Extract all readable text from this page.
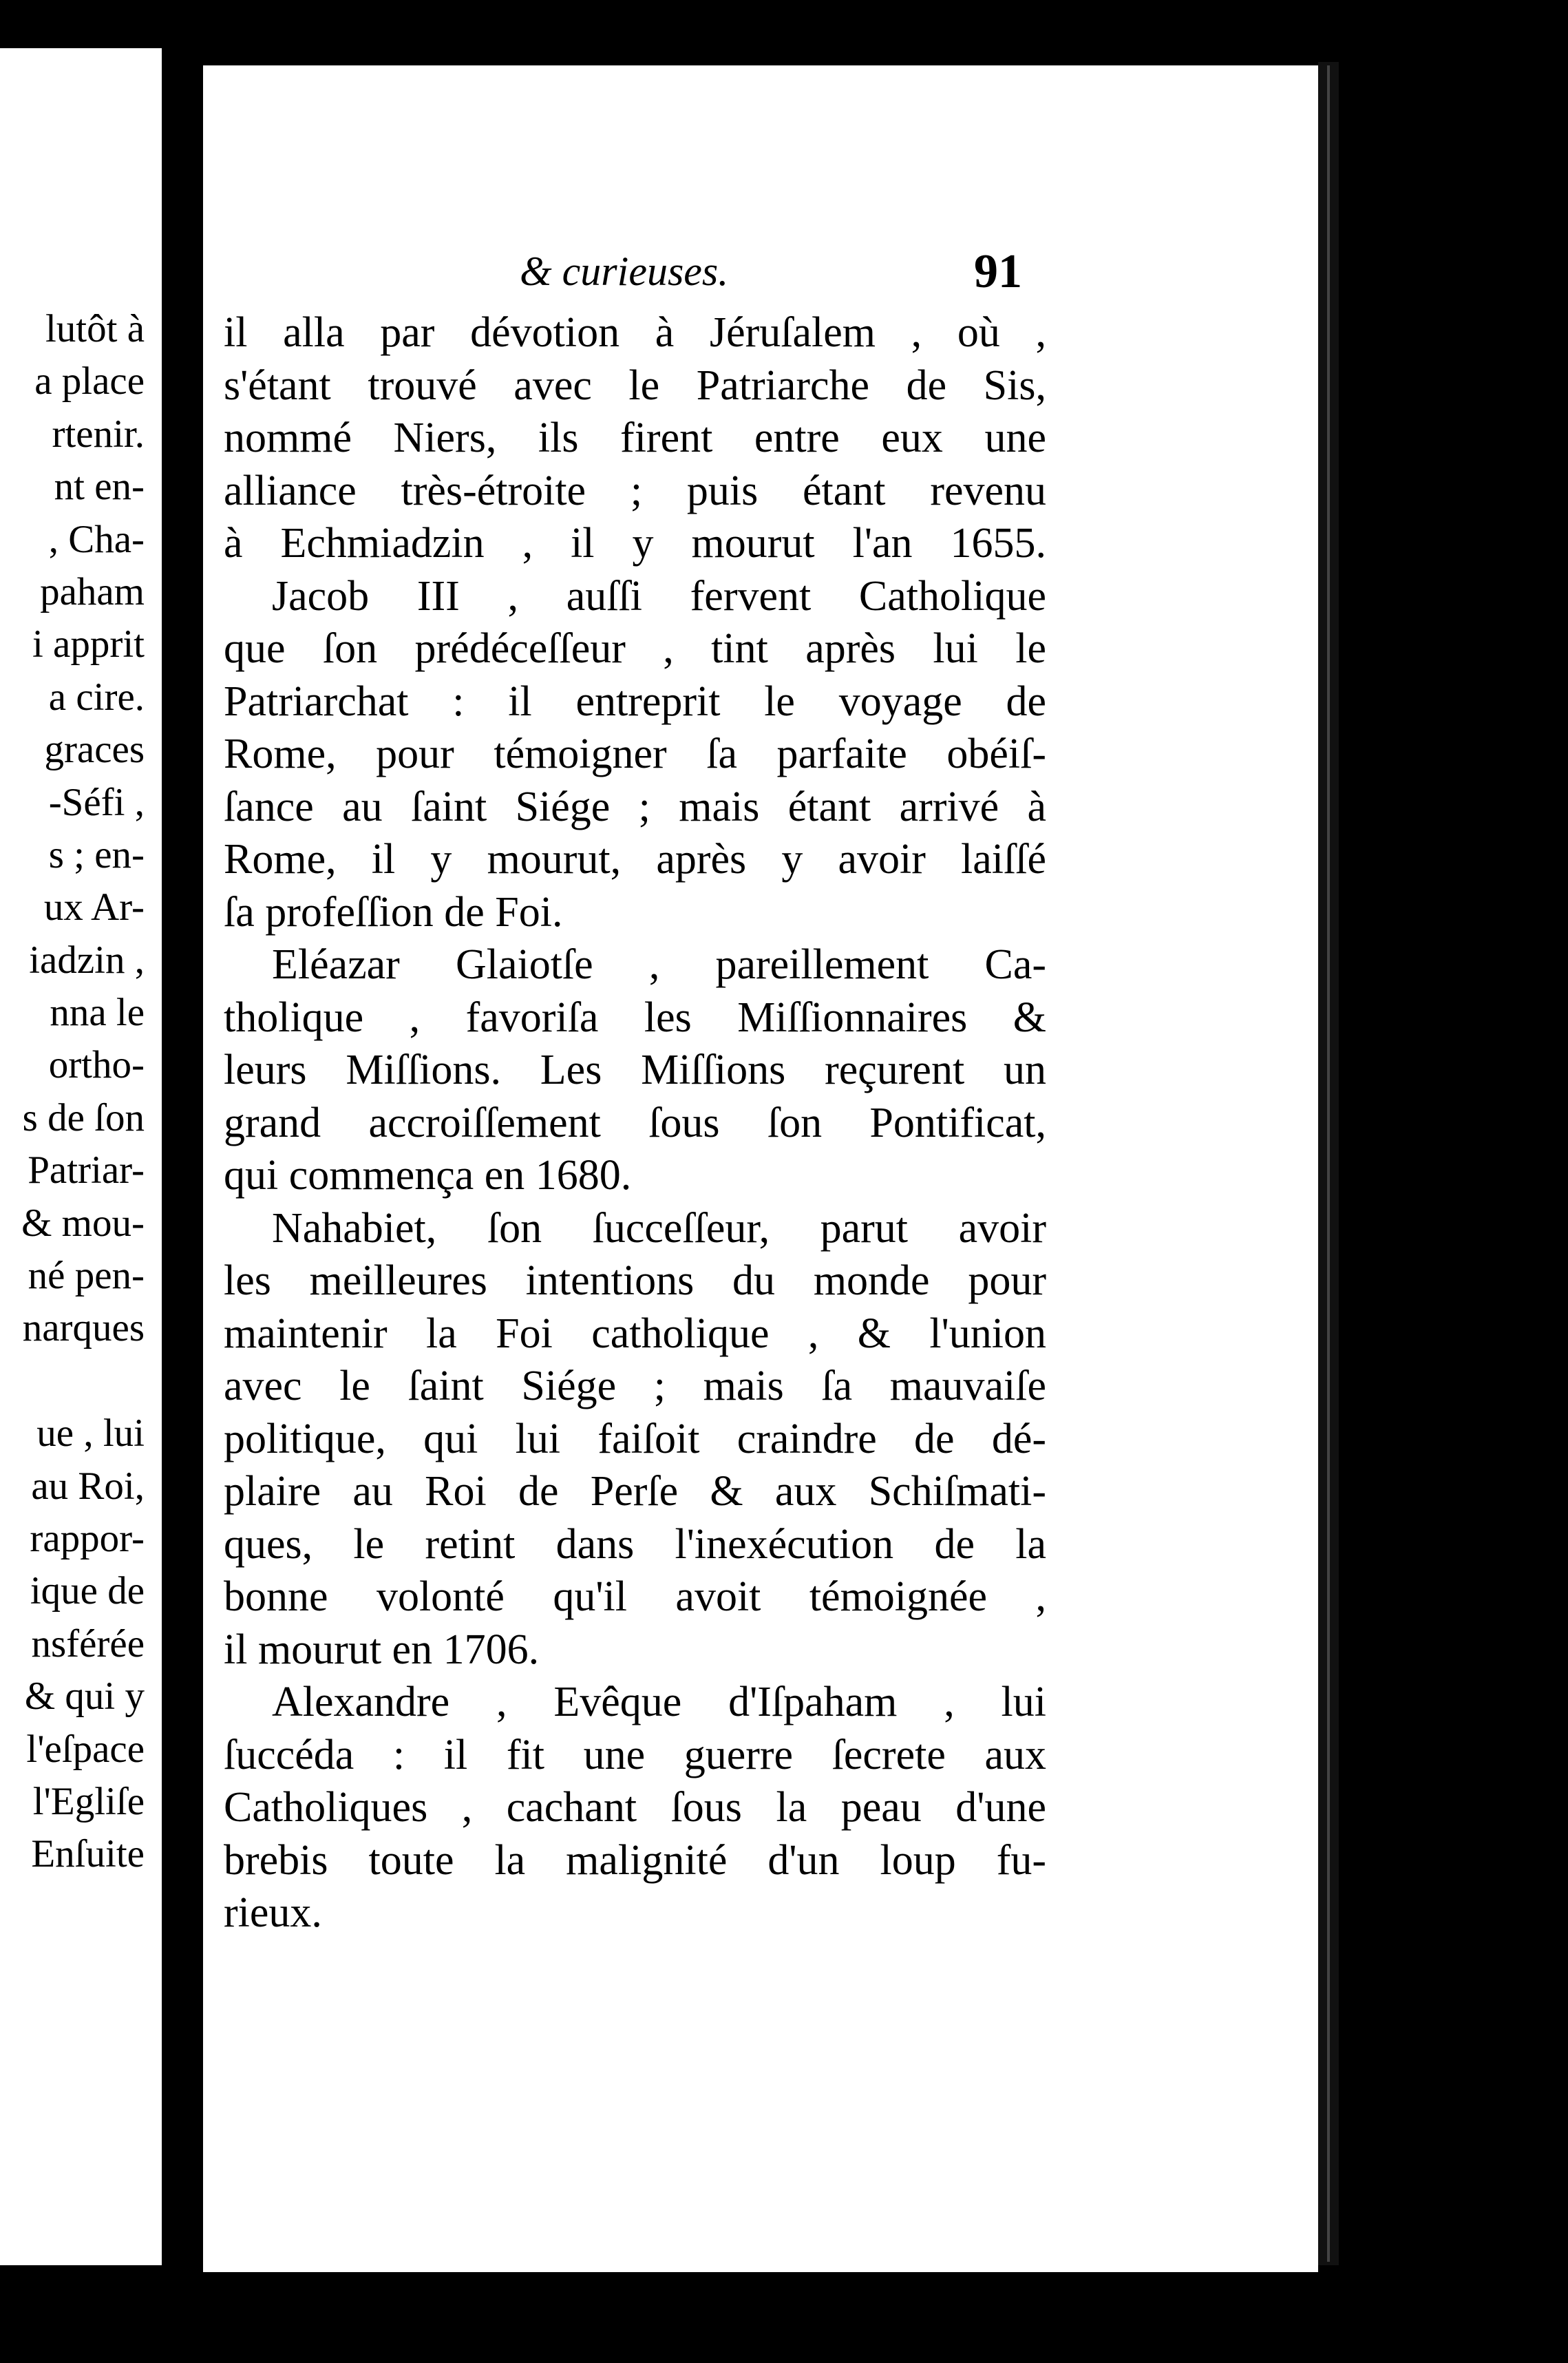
lutôt à
a place
rtenir.
nt en-
, Cha-
paham
i apprit
a cire.
graces
-Séfi ,
s ; en-
ux Ar-
iadzin ,
nna le
ortho-
s de ſon
Patriar-
& mou-
né pen-
narques
ue , lui
au Roi,
rappor-
ique de
nsférée
& qui y
l'eſpace
l'Egliſe
Enſuite
& curieuses.	91
il alla par dévotion à Jéruſalem , où ,
s'étant trouvé avec le Patriarche de Sis,
nommé Niers, ils firent entre eux une
alliance très-étroite ; puis étant revenu
à Echmiadzin , il y mourut l'an 1655.
Jacob III , auſſi fervent Catholique
que ſon prédéceſſeur , tint après lui le
Patriarchat : il entreprit le voyage de
Rome, pour témoigner ſa parfaite obéiſ-
ſance au ſaint Siége ; mais étant arrivé à
Rome, il y mourut, après y avoir laiſſé
ſa profeſſion de Foi.
Eléazar Glaiotſe , pareillement Ca-
tholique , favoriſa les Miſſionnaires &
leurs Miſſions. Les Miſſions reçurent un
grand accroiſſement ſous ſon Pontificat,
qui commença en 1680.
Nahabiet, ſon ſucceſſeur, parut avoir
les meilleures intentions du monde pour
maintenir la Foi catholique , & l'union
avec le ſaint Siége ; mais ſa mauvaiſe
politique, qui lui faiſoit craindre de dé-
plaire au Roi de Perſe & aux Schiſmati-
ques, le retint dans l'inexécution de la
bonne volonté qu'il avoit témoignée ,
il mourut en 1706.
Alexandre , Evêque d'Iſpaham , lui
ſuccéda : il fit une guerre ſecrete aux
Catholiques , cachant ſous la peau d'une
brebis toute la malignité d'un loup fu-
rieux.
